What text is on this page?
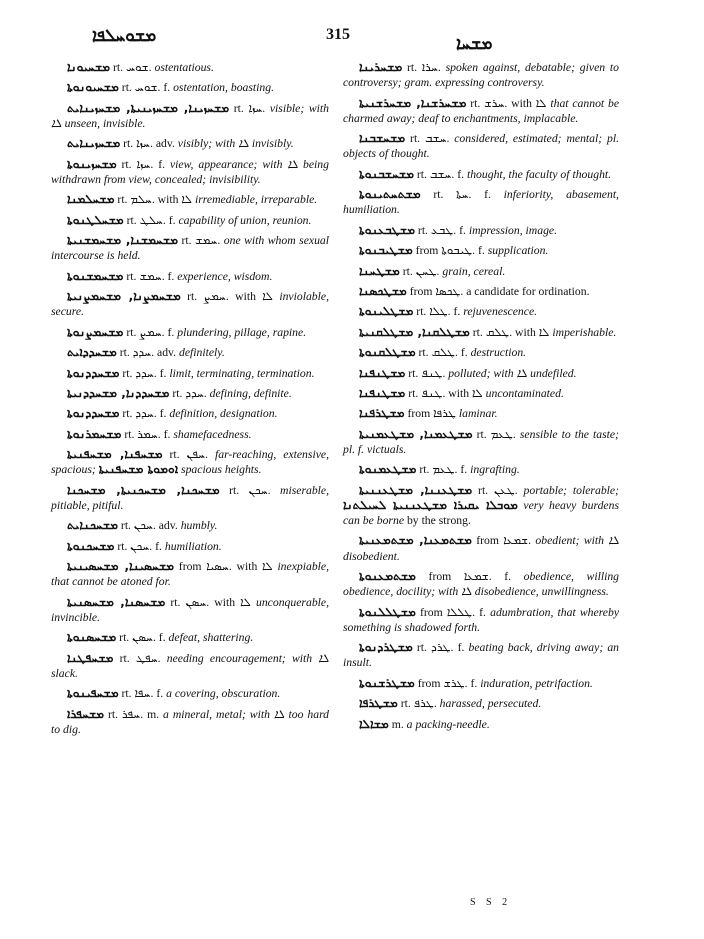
ܡܫܘܚܠܦܐ	315	ܡܫܚܐ
ܡܫܚܝܘܢܐ rt. ܫܘܚ. ostentatious.
ܡܫܚܝܘܢܘܬܐ rt. ܫܘܚ. f. ostentation, boasting.
ܡܫܚܙܝܢܐ, ܡܫܚܙܝܢܝܬܐ, ܡܫܚܙܝܢܐܝܬ rt. ܚܙܐ. visible; with ܠܐ unseen, invisible.
ܡܫܚܙܝܢܐܝܬ rt. ܚܙܐ. adv. visibly; with ܠܐ invisibly.
ܡܫܚܙܝܢܘܬܐ rt. ܚܙܐ. f. view, appearance; with ܠܐ being withdrawn from view, concealed; invisibility.
ܡܫܚܠܡܢܐ rt. ܚܠܡ. with ܠܐ irremediable, irreparable.
ܡܫܚܠܛܢܘܬܐ rt. ܚܠܛ. f. capability of union, reunion.
ܡܫܚܡܫܢܐ, ܡܫܚܡܫܢܝܬܐ rt. ܚܡܫ. one with whom sexual intercourse is held.
ܡܫܚܡܫܢܘܬܐ rt. ܚܡܫ. f. experience, wisdom.
ܡܫܚܡܨܢܐ, ܡܫܚܡܨܢܝܬܐ rt. ܚܡܨ. with ܠܐ inviolable, secure.
ܡܫܚܡܨܢܘܬܐ rt. ܚܡܨ. f. plundering, pillage, rapine.
ܡܫܚܕܕܐܝܬ rt. ܚܕܕ. adv. definitely.
ܡܫܚܕܕܢܘܬܐ rt. ܚܕܕ. f. limit, terminating, termination.
ܡܫܚܕܕܢܐ, ܡܫܚܕܕܢܝܬܐ rt. ܚܕܕ. defining, definite.
ܡܫܚܕܕܢܘܬܐ rt. ܚܕܕ. f. definition, designation.
ܡܫܚܡܪܢܘܬܐ rt. ܚܡܪ. f. shamefacedness.
ܡܫܚܦܢܐ, ܡܫܚܦܢܝܬܐ rt. ܚܦܢ. far-reaching, extensive, spacious; ܐܘܡܘܬܐ ܡܫܚܦܢܝܬܐ spacious heights.
ܡܫܚܟܢܐ, ܡܫܚܟܢܝܬܐ, ܡܫܚܟܢܐ rt. ܚܟܢ. miserable, pitiable, pitiful.
ܡܫܚܟܢܐܝܬ rt. ܚܟܢ. adv. humbly.
ܡܫܚܟܢܘܬܐ rt. ܚܟܢ. f. humiliation.
ܡܫܚܣܝܢܐ, ܡܫܚܣܝܢܝܬܐ from ܚܣܝܐ. with ܠܐ inexpiable, that cannot be atoned for.
ܡܫܚܣܢܐ, ܡܫܚܣܢܝܬܐ rt. ܚܣܢ. with ܠܐ unconquerable, invincible.
ܡܫܚܣܢܘܬܐ rt. ܚܣܢ. f. defeat, shattering.
ܡܫܚܦܛܢܐ rt. ܚܦܛ. needing encouragement; with ܠܐ slack.
ܡܫܚܦܝܢܘܬܐ rt. ܚܦܐ. f. a covering, obscuration.
ܡܫܚܦܪܐ rt. ܚܦܪ. m. a mineral, metal; with ܠܐ too hard to dig.
ܡܫܚܪܝܢܐ rt. ܚܪܐ. spoken against, debatable; given to controversy; gram. expressing controversy.
ܡܫܚܪܫܢܐ, ܡܫܚܪܫܢܝܬܐ rt. ܚܪܫ. with ܠܐ that cannot be charmed away; deaf to enchantments, implacable.
ܡܫܚܫܒܢܐ rt. ܚܫܒ. considered, estimated; mental; pl. objects of thought.
ܡܫܚܫܒܢܘܬܐ rt. ܚܫܒ. f. thought, the faculty of thought.
ܡܫܬܚܬܝܢܘܬܐ rt. ܚܬܐ. f. inferiority, abasement, humiliation.
ܡܫܛܒܥܢܘܬܐ rt. ܛܒܥ. f. impression, image.
ܡܫܛܝܒܢܘܬܐ from ܛܝܒܘܬܐ. f. supplication.
ܡܫܛܚܢܐ rt. ܛܚܢ. grain, cereal.
ܡܫܛܟܣܢܐ from ܛܟܣܐ. a candidate for ordination.
ܡܫܛܠܝܢܘܬܐ rt. ܛܠܐ. f. rejuvenescence.
ܡܫܛܠܩܢܐ, ܡܫܛܠܩܢܝܬܐ rt. ܛܠܩ. with ܠܐ imperishable.
ܡܫܛܠܩܢܘܬܐ rt. ܛܠܩ. f. destruction.
ܡܫܛܢܦܢܐ rt. ܛܢܦ. polluted; with ܠܐ undefiled.
ܡܫܛܢܦܢܐ rt. ܛܢܦ. with ܠܐ uncontaminated.
ܡܫܛܪܦܢܐ from ܛܪܦܐ laminar.
ܡܫܛܥܡܢܐ, ܡܫܛܥܡܢܝܬܐ rt. ܛܥܡ. sensible to the taste; pl. f. victuals.
ܡܫܛܥܡܢܘܬܐ rt. ܛܥܡ. f. ingrafting.
ܡܫܛܥܢܢܐ, ܡܫܛܥܢܢܝܬܐ rt. ܛܥܢ. portable; tolerable; ܡܘܒܠܐ ܝܩܝܪܐ ܡܫܛܥܢܢܝܬܐ ܠܚܝܠܬܢܐ very heavy burdens can be borne by the strong.
ܡܫܬܡܥܢܐ, ܡܫܬܡܥܢܝܬܐ from ܫܡܥܐ. obedient; with ܠܐ disobedient.
ܡܫܬܡܥܢܘܬܐ from ܫܡܥܐ. f. obedience, willing obedience, docility; with ܠܐ disobedience, unwillingness.
ܡܫܛܠܠܢܘܬܐ from ܛܠܠܐ. f. adumbration, that whereby something is shadowed forth.
ܡܫܛܪܕܢܘܬܐ rt. ܛܪܕ. f. beating back, driving away; an insult.
ܡܫܛܪܫܢܘܬܐ from ܛܪܫ. f. induration, petrifaction.
ܡܫܛܪܦܐ rt. ܛܪܦ. harassed, persecuted.
ܡܫܐܠܐ m. a packing-needle.
S S 2
